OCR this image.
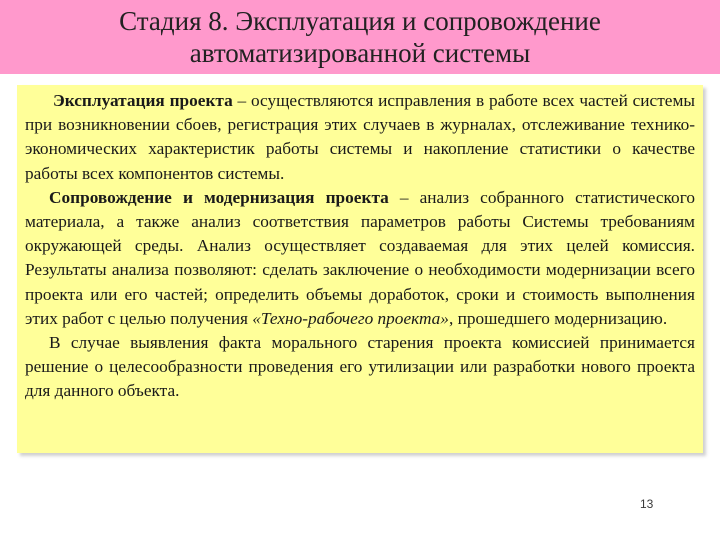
Стадия 8. Эксплуатация и сопровождение
автоматизированной системы

Эксплуатация проекта – осуществляются исправления в работе всех частей системы при возникновении сбоев, регистрация этих случаев в журналах, отслеживание технико-экономических характеристик работы системы и накопление статистики о качестве работы всех компонентов системы.

Сопровождение и модернизация проекта – анализ собранного статистического материала, а также анализ соответствия параметров работы Системы требованиям окружающей среды. Анализ осуществляет создаваемая для этих целей комиссия. Результаты анализа позволяют: сделать заключение о необходимости модернизации всего проекта или его частей; определить объемы доработок, сроки и стоимость выполнения этих работ с целью получения «Техно-рабочего проекта», прошедшего модернизацию.

В случае выявления факта морального старения проекта комиссией принимается решение о целесообразности проведения его утилизации или разработки нового проекта для данного объекта.

13
